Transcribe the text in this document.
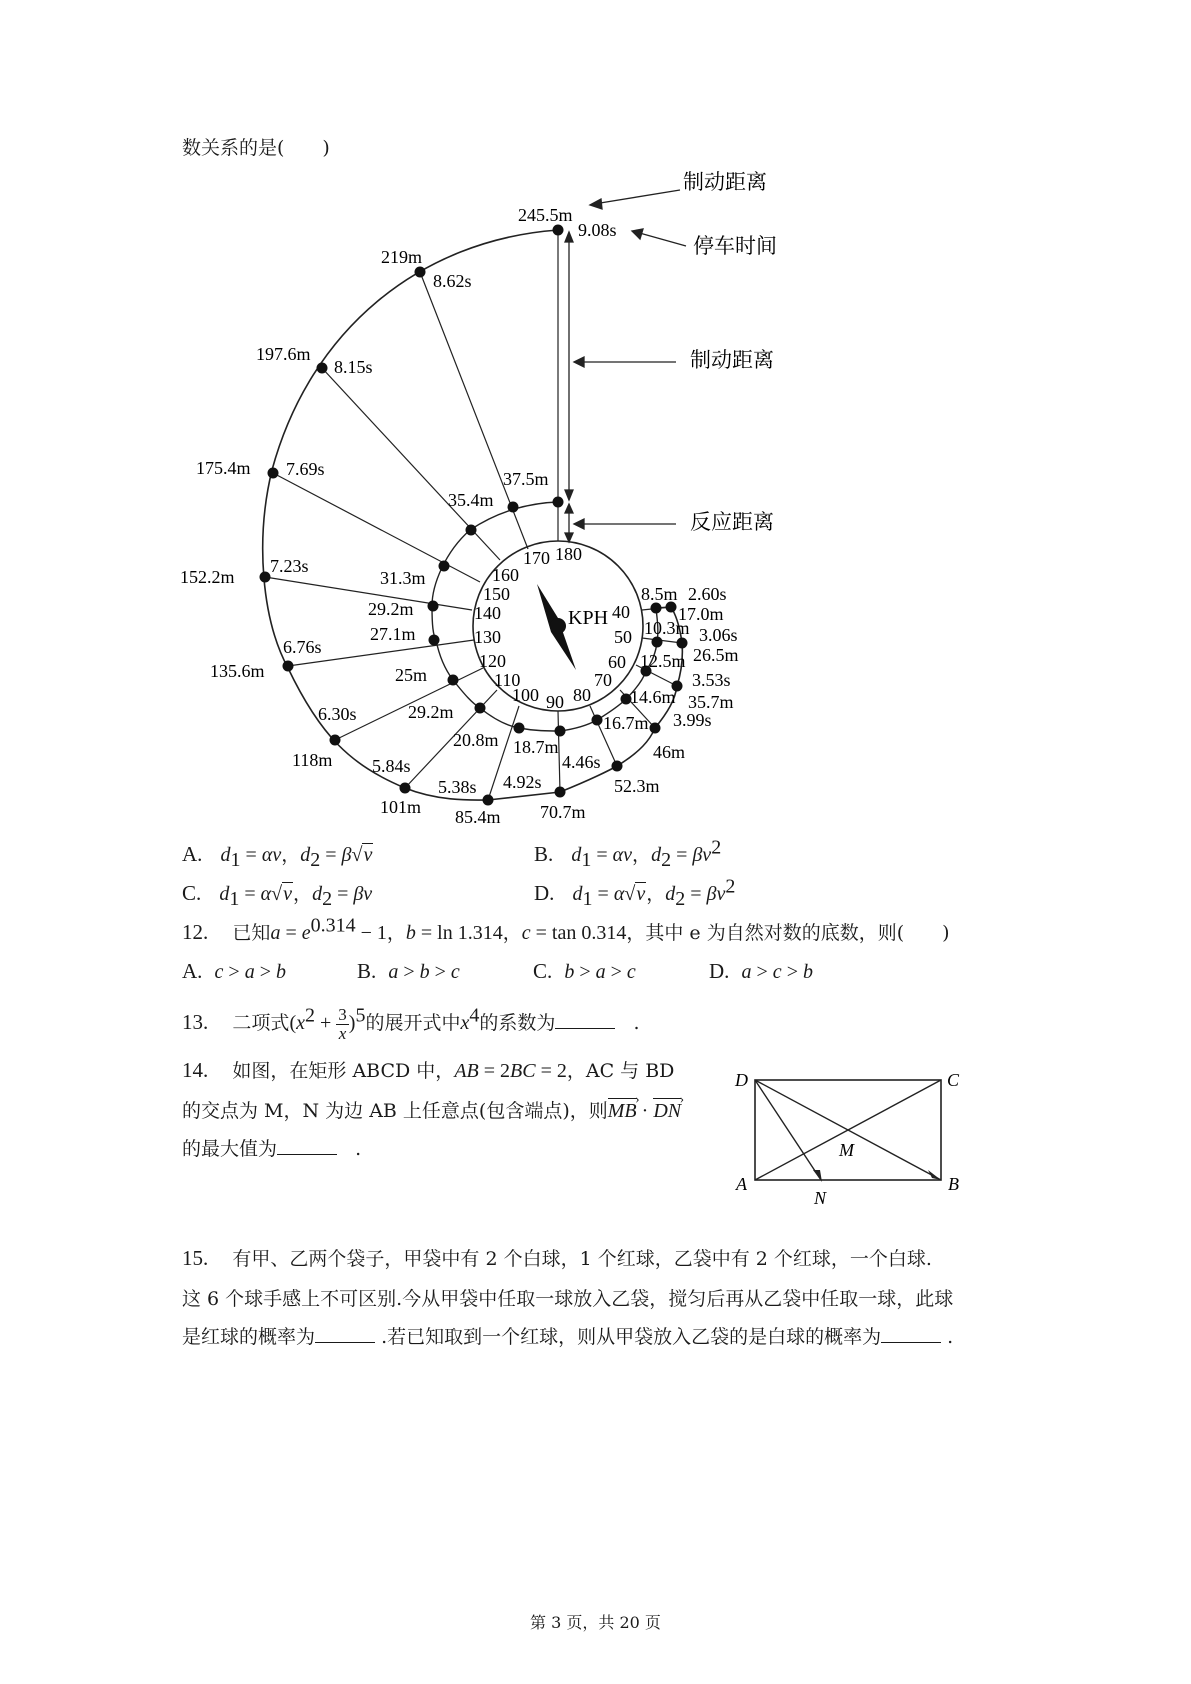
数关系的是(　　)
制动距离
停车时间
制动距离
反应距离
KPH 40
50
60
70
80
90
100
110
120
130
140
150
160
170 180
8.5m
10.3m
12.5m
14.6m
16.7m
18.7m
20.8m
29.2m
25m
27.1m
29.2m
31.3m
35.4m
37.5m
17.0m
26.5m
35.7m
46m
52.3m
70.7m
85.4m
101m
118m
135.6m
152.2m
175.4m
197.6m
219m
245.5m
2.60s
3.06s
3.53s
3.99s
4.46s
4.92s
5.38s
5.84s
6.30s
6.76s
7.23s
7.69s
8.15s
8.62s
9.08s
A. $d_1 = \alpha v$，$d_2 = \beta√v$	B. $d_1 = \alpha v$，$d_2 = \beta v^2$
C. $d_1 = \alpha√v$，$d_2 = \beta v$	D. $d_1 = \alpha√v$，$d_2 = \beta v^2$
12. 已知$a = e^{0.314} - 1$，b = ln 1.314，c = tan 0.314，其中 e 为自然对数的底数，则(　　)
A. c > a > b	B. a > b > c	C. b > a > c	D. a > c > b
13. 二项式$(x^2 + \frac{3}{x} )^5$的展开式中$x^4$的系数为	.
14. 如图，在矩形 ABCD 中，AB = 2BC = 2，AC 与 BD
的交点为 M，N 为边 AB 上任意点(包含端点)，则MB › · DN ›
的最大值为	.
D	C
A	B
M
N
15. 有甲、乙两个袋子，甲袋中有 2 个白球，1 个红球，乙袋中有 2 个红球，一个白球.
这 6 个球手感上不可区别.今从甲袋中任取一球放入乙袋，搅匀后再从乙袋中任取一球，此球
是红球的概率为	.若已知取到一个红球，则从甲袋放入乙袋的是白球的概率为	.
第 3 页，共 20 页
